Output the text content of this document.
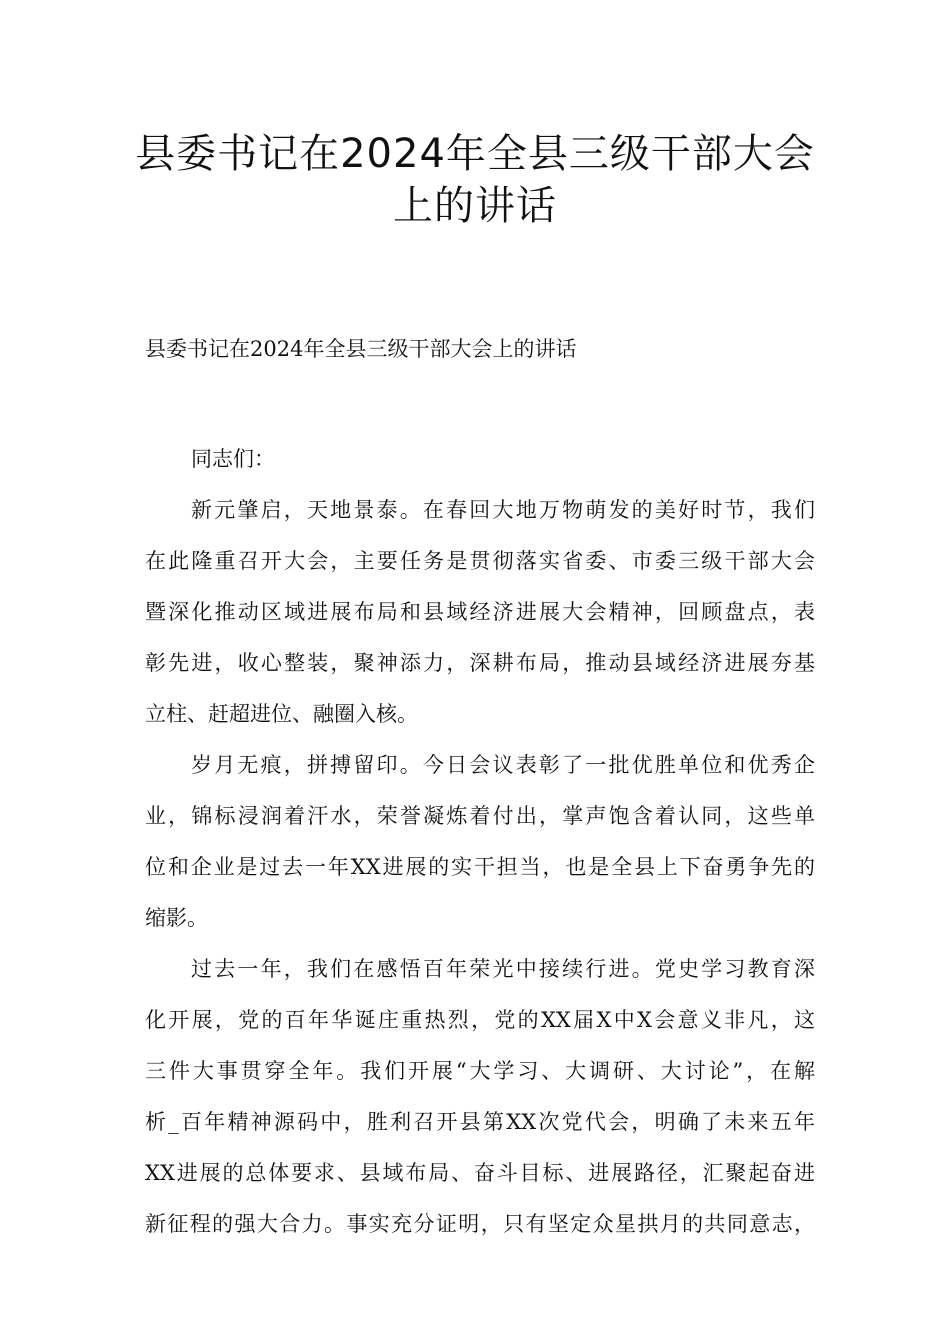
县委书记在2024年全县三级干部大会
上的讲话

县委书记在2024年全县三级干部大会上的讲话

同志们：
新元肇启，天地景泰。在春回大地万物萌发的美好时节，我们
在此隆重召开大会，主要任务是贯彻落实省委、市委三级干部大会
暨深化推动区域进展布局和县域经济进展大会精神，回顾盘点，表
彰先进，收心整装，聚神添力，深耕布局，推动县域经济进展夯基
立柱、赶超进位、融圈入核。
岁月无痕，拼搏留印。今日会议表彰了一批优胜单位和优秀企
业，锦标浸润着汗水，荣誉凝炼着付出，掌声饱含着认同，这些单
位和企业是过去一年XX进展的实干担当，也是全县上下奋勇争先的
缩影。
过去一年，我们在感悟百年荣光中接续行进。党史学习教育深
化开展，党的百年华诞庄重热烈，党的XX届X中X会意义非凡，这
三件大事贯穿全年。我们开展“大学习、大调研、大讨论”，在解
析_百年精神源码中，胜利召开县第XX次党代会，明确了未来五年
XX进展的总体要求、县域布局、奋斗目标、进展路径，汇聚起奋进
新征程的强大合力。事实充分证明，只有坚定众星拱月的共同意志，
